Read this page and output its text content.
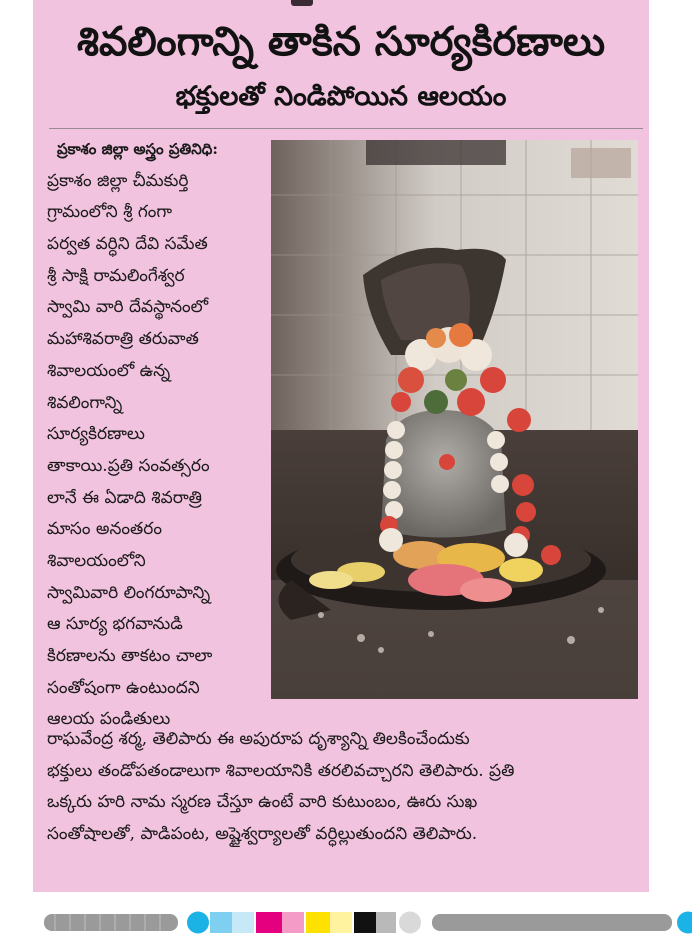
శివలింగాన్ని తాకిన సూర్యకిరణాలు
భక్తులతో నిండిపోయిన ఆలయం
ప్రకాశం జిల్లా అస్త్రం ప్రతినిధి:
ప్రకాశం జిల్లా చీమకుర్తి
గ్రామంలోని శ్రీ గంగా
పర్వత వర్ధిని దేవి సమేత
శ్రీ సాక్షి రామలింగేశ్వర
స్వామి వారి దేవస్థానంలో
మహాశివరాత్రి తరువాత
శివాలయంలో ఉన్న
శివలింగాన్ని
సూర్యకిరణాలు
తాకాయి.ప్రతి సంవత్సరం
లానే ఈ ఏడాది శివరాత్రి
మాసం అనంతరం
శివాలయంలోని
స్వామివారి లింగరూపాన్ని
ఆ సూర్య భగవానుడి
కిరణాలను తాకటం చాలా
సంతోషంగా ఉంటుందని
ఆలయ పండితులు
రాఘవేంద్ర శర్మ, తెలిపారు ఈ అపురూప దృశ్యాన్ని తిలకించేందుకు
భక్తులు తండోపతండాలుగా శివాలయానికి తరలివచ్చారని తెలిపారు. ప్రతి
ఒక్కరు హరి నామ స్మరణ చేస్తూ ఉంటే వారి కుటుంబం, ఊరు సుఖ
సంతోషాలతో, పాడిపంట, అష్టైశ్వర్యాలతో వర్ధిల్లుతుందని తెలిపారు.
